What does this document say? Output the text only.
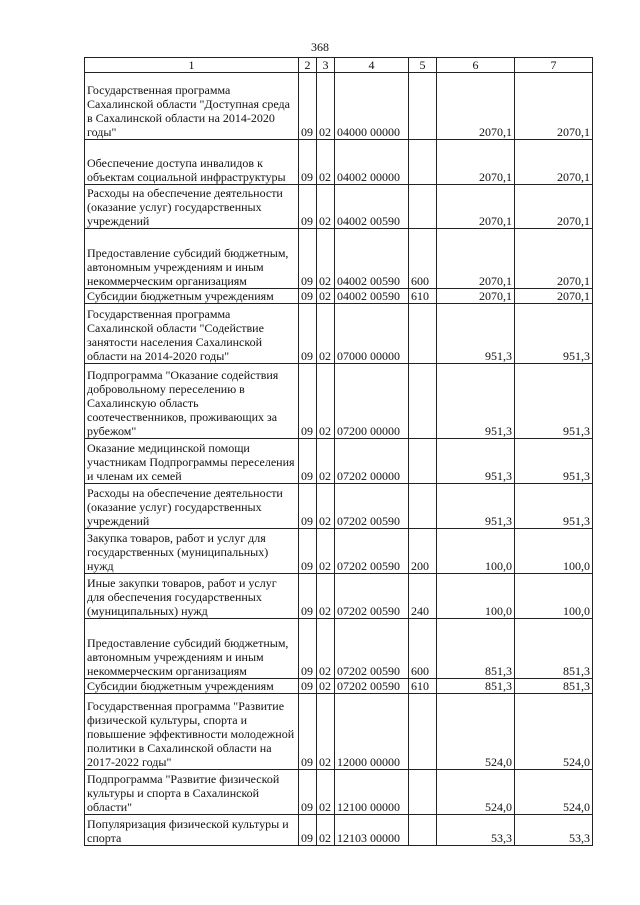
368
1	2	3	4	5	6	7
Государственная программа Сахалинской области "Доступная среда в Сахалинской области на 2014-2020 годы"	09	02	04000 00000		2070,1	2070,1
Обеспечение доступа инвалидов к объектам социальной инфраструктуры	09	02	04002 00000		2070,1	2070,1
Расходы на обеспечение деятельности (оказание услуг) государственных учреждений	09	02	04002 00590		2070,1	2070,1
Предоставление субсидий бюджетным, автономным учреждениям и иным некоммерческим организациям	09	02	04002 00590	600	2070,1	2070,1
Субсидии бюджетным учреждениям	09	02	04002 00590	610	2070,1	2070,1
Государственная программа Сахалинской области "Содействие занятости населения Сахалинской области на 2014-2020 годы"	09	02	07000 00000		951,3	951,3
Подпрограмма "Оказание содействия добровольному переселению в Сахалинскую область соотечественников, проживающих за рубежом"	09	02	07200 00000		951,3	951,3
Оказание медицинской помощи участникам Подпрограммы переселения и членам их семей	09	02	07202 00000		951,3	951,3
Расходы на обеспечение деятельности (оказание услуг) государственных учреждений	09	02	07202 00590		951,3	951,3
Закупка товаров, работ и услуг для государственных (муниципальных) нужд	09	02	07202 00590	200	100,0	100,0
Иные закупки товаров, работ и услуг для обеспечения государственных (муниципальных) нужд	09	02	07202 00590	240	100,0	100,0
Предоставление субсидий бюджетным, автономным учреждениям и иным некоммерческим организациям	09	02	07202 00590	600	851,3	851,3
Субсидии бюджетным учреждениям	09	02	07202 00590	610	851,3	851,3
Государственная программа "Развитие физической культуры, спорта и повышение эффективности молодежной политики в Сахалинской области на 2017-2022 годы"	09	02	12000 00000		524,0	524,0
Подпрограмма "Развитие физической культуры и спорта в Сахалинской области"	09	02	12100 00000		524,0	524,0
Популяризация физической культуры и спорта	09	02	12103 00000		53,3	53,3
